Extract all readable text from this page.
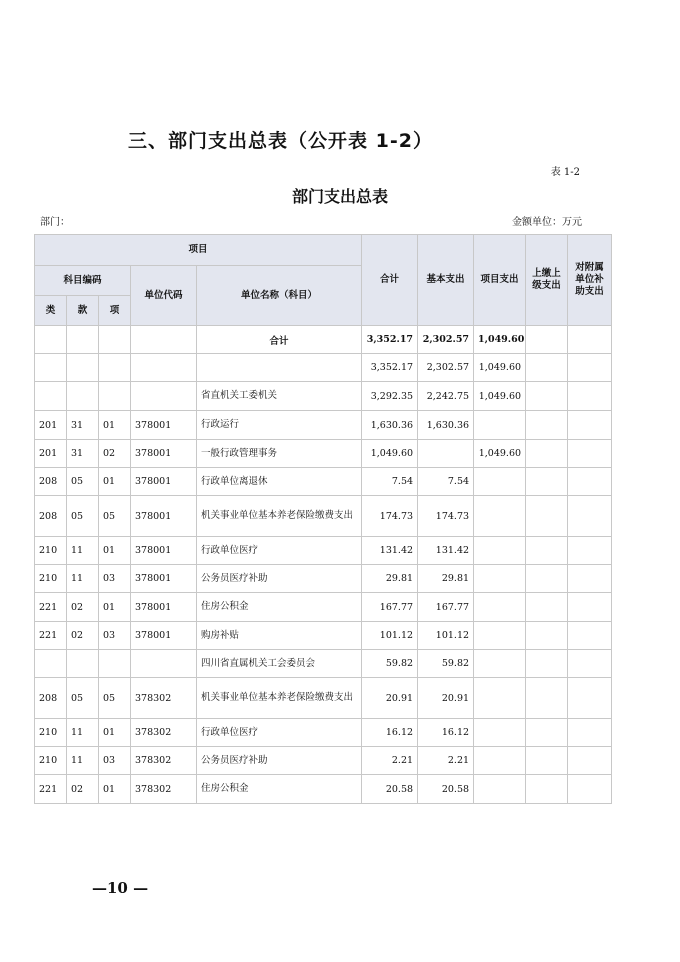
三、部门支出总表（公开表 1-2）
表 1-2
部门支出总表
部门：	金额单位：万元
项目					合计	基本支出	项目支出	上缴上级支出	对附属单位补助支出
科目编码			单位代码	单位名称（科目）					
类	款	项							
				合计	3,352.17	2,302.57	1,049.60		
					3,352.17	2,302.57	1,049.60		
				省直机关工委机关	3,292.35	2,242.75	1,049.60		
201	31	01	378001	行政运行	1,630.36	1,630.36			
201	31	02	378001	一般行政管理事务	1,049.60		1,049.60		
208	05	01	378001	行政单位离退休	7.54	7.54			
208	05	05	378001	机关事业单位基本养老保险缴费支出	174.73	174.73			
210	11	01	378001	行政单位医疗	131.42	131.42			
210	11	03	378001	公务员医疗补助	29.81	29.81			
221	02	01	378001	住房公积金	167.77	167.77			
221	02	03	378001	购房补贴	101.12	101.12			
				四川省直属机关工会委员会	59.82	59.82			
208	05	05	378302	机关事业单位基本养老保险缴费支出	20.91	20.91			
210	11	01	378302	行政单位医疗	16.12	16.12			
210	11	03	378302	公务员医疗补助	2.21	2.21			
221	02	01	378302	住房公积金	20.58	20.58			
—10 —
